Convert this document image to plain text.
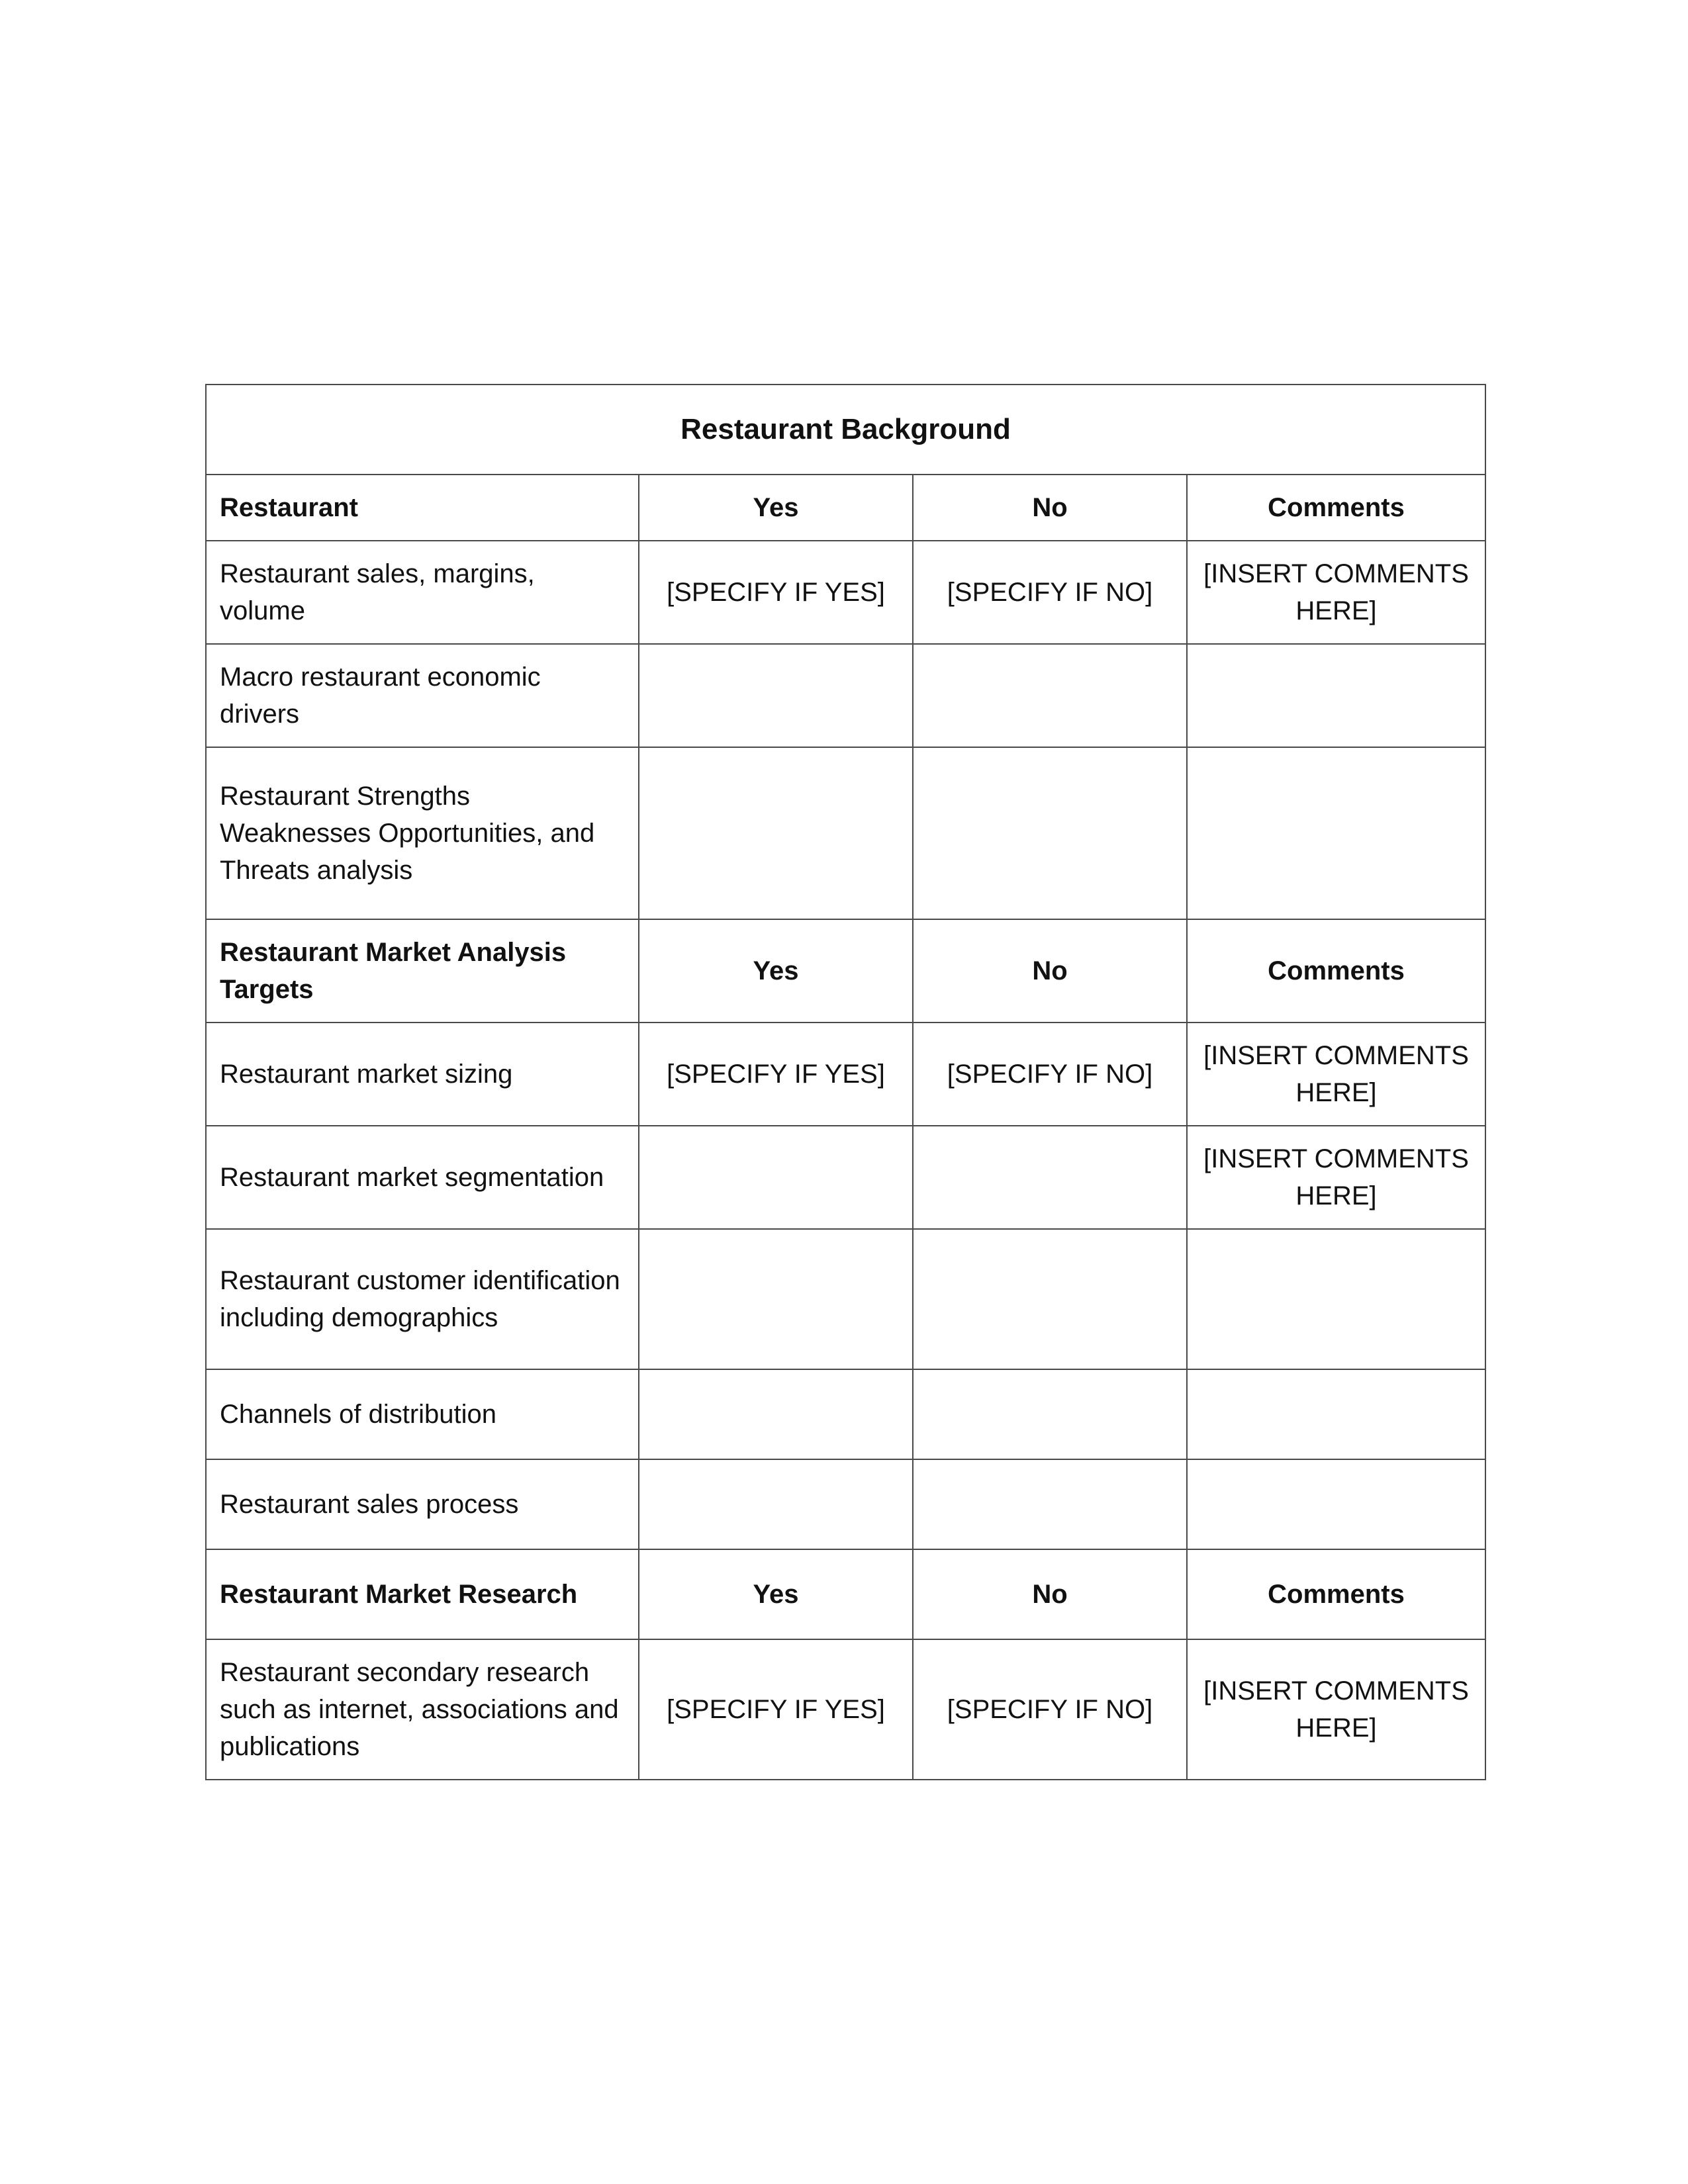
Restaurant Background			
Restaurant	Yes	No	Comments
Restaurant sales, margins, volume	[SPECIFY IF YES]	[SPECIFY IF NO]	[INSERT COMMENTS HERE]
Macro restaurant economic drivers			
Restaurant Strengths Weaknesses Opportunities, and Threats analysis			
Restaurant Market Analysis Targets	Yes	No	Comments
Restaurant market sizing	[SPECIFY IF YES]	[SPECIFY IF NO]	[INSERT COMMENTS HERE]
Restaurant market segmentation			[INSERT COMMENTS HERE]
Restaurant customer identification including demographics			
Channels of distribution			
Restaurant sales process			
Restaurant Market Research	Yes	No	Comments
Restaurant secondary research such as internet, associations and publications	[SPECIFY IF YES]	[SPECIFY IF NO]	[INSERT COMMENTS HERE]
